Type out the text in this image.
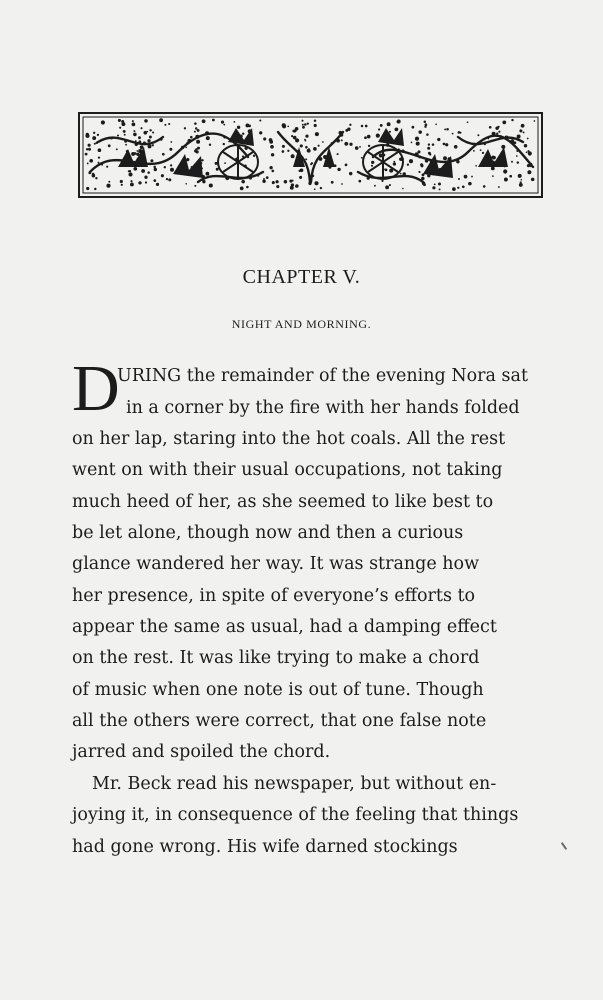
CHAPTER V.
NIGHT AND MORNING.
D
URING the remainder of the evening Nora sat
in a corner by the fire with her hands folded
on her lap, staring into the hot coals. All the rest
went on with their usual occupations, not taking
much heed of her, as she seemed to like best to
be let alone, though now and then a curious
glance wandered her way. It was strange how
her presence, in spite of everyone’s efforts to
appear the same as usual, had a damping effect
on the rest. It was like trying to make a chord
of music when one note is out of tune. Though
all the others were correct, that one false note
jarred and spoiled the chord.
Mr. Beck read his newspaper, but without en-
joying it, in consequence of the feeling that things
had gone wrong. His wife darned stockings
